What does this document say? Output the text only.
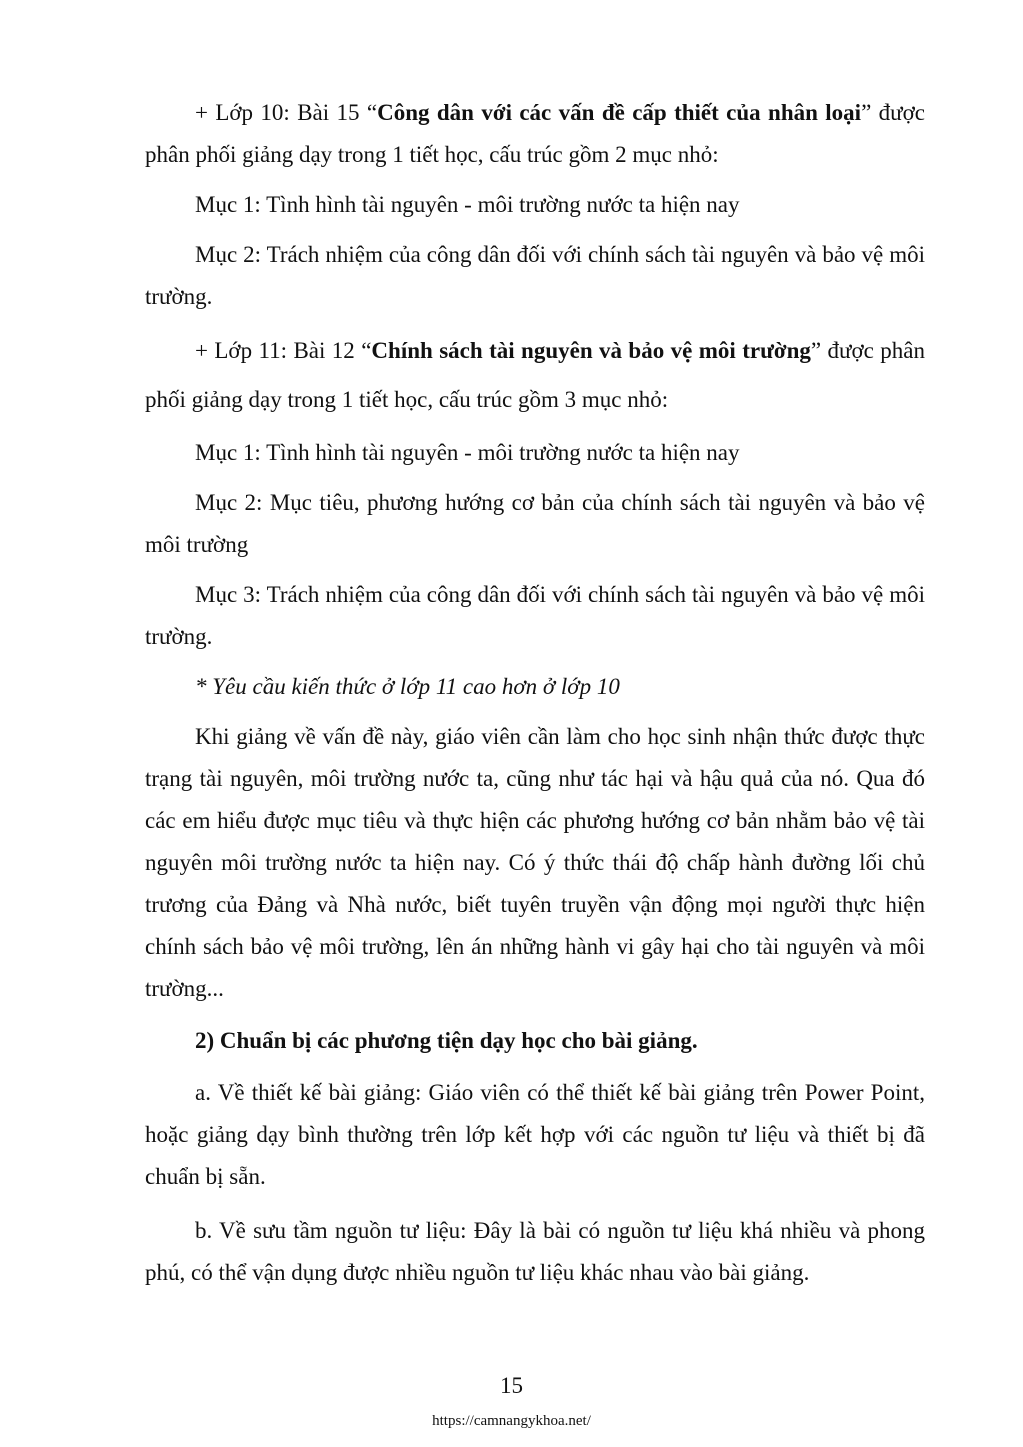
+ Lớp 10: Bài 15 “Công dân với các vấn đề cấp thiết của nhân loại” được phân phối giảng dạy trong 1 tiết học, cấu trúc gồm 2 mục nhỏ:

Mục 1: Tình hình tài nguyên - môi trường nước ta hiện nay

Mục 2: Trách nhiệm của công dân đối với chính sách tài nguyên và bảo vệ môi trường.

+ Lớp 11: Bài 12 “Chính sách tài nguyên và bảo vệ môi trường” được phân phối giảng dạy trong 1 tiết học, cấu trúc gồm 3 mục nhỏ:

Mục 1: Tình hình tài nguyên - môi trường nước ta hiện nay

Mục 2: Mục tiêu, phương hướng cơ bản của chính sách tài nguyên và bảo vệ môi trường

Mục 3: Trách nhiệm của công dân đối với chính sách tài nguyên và bảo vệ môi trường.

* Yêu cầu kiến thức ở lớp 11 cao hơn ở lớp 10

Khi giảng về vấn đề này, giáo viên cần làm cho học sinh nhận thức được thực trạng tài nguyên, môi trường nước ta, cũng như tác hại và hậu quả của nó. Qua đó các em hiểu được mục tiêu và thực hiện các phương hướng cơ bản nhằm bảo vệ tài nguyên môi trường nước ta hiện nay. Có ý thức thái độ chấp hành đường lối chủ trương của Đảng và Nhà nước, biết tuyên truyền vận động mọi người thực hiện chính sách bảo vệ môi trường, lên án những hành vi gây hại cho tài nguyên và môi trường...

2) Chuẩn bị các phương tiện dạy học cho bài giảng.

a. Về thiết kế bài giảng: Giáo viên có thể thiết kế bài giảng trên Power Point, hoặc giảng dạy bình thường trên lớp kết hợp với các nguồn tư liệu và thiết bị đã chuẩn bị sẵn.

b. Về sưu tầm nguồn tư liệu: Đây là bài có nguồn tư liệu khá nhiều và phong phú, có thể vận dụng được nhiều nguồn tư liệu khác nhau vào bài giảng.

15
https://camnangykhoa.net/
